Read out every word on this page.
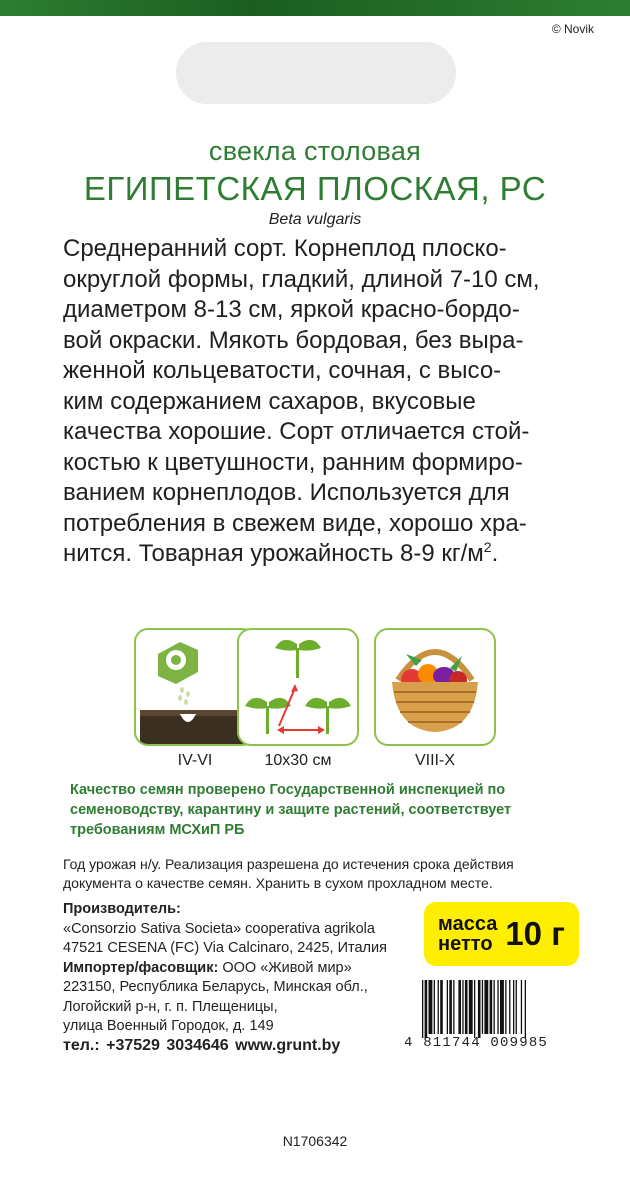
© Novik
свекла столовая
ЕГИПЕТСКАЯ ПЛОСКАЯ, РС
Beta vulgaris
Среднеранний сорт. Корнеплод плоско-
округлой формы, гладкий, длиной 7-10 см,
диаметром 8-13 см, яркой красно-бордо-
вой окраски. Мякоть бордовая, без выра-
женной кольцеватости, сочная, с высо-
ким содержанием сахаров, вкусовые
качества хорошие. Сорт отличается стой-
костью к цветушности, ранним формиро-
ванием корнеплодов. Используется для
потребления в свежем виде, хорошо хра-
нится. Товарная урожайность 8-9 $кг/м^2$.
IV-VI	10x30 см	VIII-X
Качество семян проверено Государственной инспекцией по семеноводству, карантину и защите растений, соответствует требованиям МСХиП РБ
Год урожая н/у. Реализация разрешена до истечения срока действия документа о качестве семян. Хранить в сухом прохладном месте.
Производитель:
«Consorzio Sativa Societa» cooperativa agrikola
47521 CESENA (FC) Via Calcinaro, 2425, Италия
Импортер/фасовщик: ООО «Живой мир»
223150, Республика Беларусь, Минская обл.,
Логойский р-н, г. п. Плещеницы,
улица Военный Городок, д. 149
тел.: +37529 3034646 www.grunt.by
масса
нетто 10 г
4 811744 009985
N1706342
